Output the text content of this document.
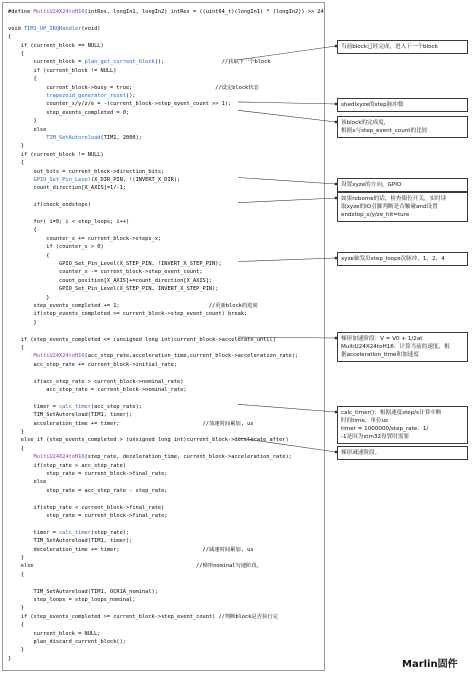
#define MultiU24X24toH16(intRes, longIn1, longIn2) intRes = ((uint64_t)(longIn1) * (longIn2)) >> 24
void TIM1_UP_IRQHandler(void)
{
if (current_block == NULL)
{
current_block = plan_get_current_block();                  //获取下一个block
if (current_block != NULL)
{
current_block->busy = true;                          //设定block状态
trapezoid_generator_reset();
counter_x/y/z/e = -(current_block->step_event_count >> 1);
step_events_completed = 0;
}
else
TIM_SetAutoreload(TIM1, 2000);
}
if (current_block != NULL)
{
out_bits = current_block->direction_bits;
GPIO_Set_Pin_Level(X_DIR_PIN, !(INVERT_X_DIR);
count_direction[X_AXIS]=1/-1;
if(check_endstops)
for( i=0; i < step_loops; i++)
{
counter_x += current_block->steps_x;
if (counter_x > 0)
{
GPIO_Set_Pin_Level(X_STEP_PIN, !INVERT_X_STEP_PIN);
counter_x -= current_block->step_event_count;
count_position[X_AXIS]+=count_direction[X_AXIS];
GPIO_Set_Pin_Level(X_STEP_PIN, INVERT_X_STEP_PIN);
}
step_events_completed += 1;                            //更新block的进度
if(step_events_completed >= current_block->step_event_count) break;
}
if (step_events_completed <= (unsigned long int)current_block->accelerate_until)
{
MultiU24X24toH16(acc_step_rate,acceleration_time,current_block->acceleration_rate);
acc_step_rate += current_block->initial_rate;
if(acc_step_rate > current_block->nominal_rate)
acc_step_rate = current_block->nominal_rate;
timer = calc_timer(acc_step_rate);
TIM_SetAutoreload(TIM1, timer);
acceleration_time += timer;                          //加速时间累加, us
}
else if (step_events_completed > (unsigned long int)current_block->decelerate_after)
{
MultiU24X24toH16(step_rate, deceleration_time, current_block->acceleration_rate);
if(step_rate > acc_step_rate)
step_rate = current_block->final_rate;
else
step_rate = acc_step_rate - step_rate;
if(step_rate < current_block->final_rate)
step_rate = current_block->final_rate;
timer = calc_timer(step_rate);
TIM_SetAutoreload(TIM1, timer);
deceleration_time += timer;                          //减速时间累加, us
}
else                                                   //梯形nominal匀速阶段。
{
TIM_SetAutoreload(TIM1, OCR1A_nominal);
step_loops = step_loops_nominal;
}
if (step_events_completed >= current_block->step_event_count) //判断block是否执行完
{
current_block = NULL;
plan_discard_current_block();
}
}
当前block已经完成，进入下一个block
shedlxyze的step脉冲数
该block的完成度，
根据x与step_event_count的比较
设置xyze的方向，GPIO
如果robome的话，检查限位开关，实时读
取xyze的IO引脚判断是否触碰and设置
endstop_x/y/ze_hit=ture
xyze轴发出step_loops次脉冲，1，2，4
梯形加速阶段：V = V0 + 1/2at
MultiU24X24toH16：计算当前的速度，根
据acceleration_time和加速度
calc_timer()：根据速度step/s计算中断
时间time，单位us
timer = 1000000/step_rate：1/
-1是因为stm32设置时需要
梯形减速阶段。
Marlin固件
